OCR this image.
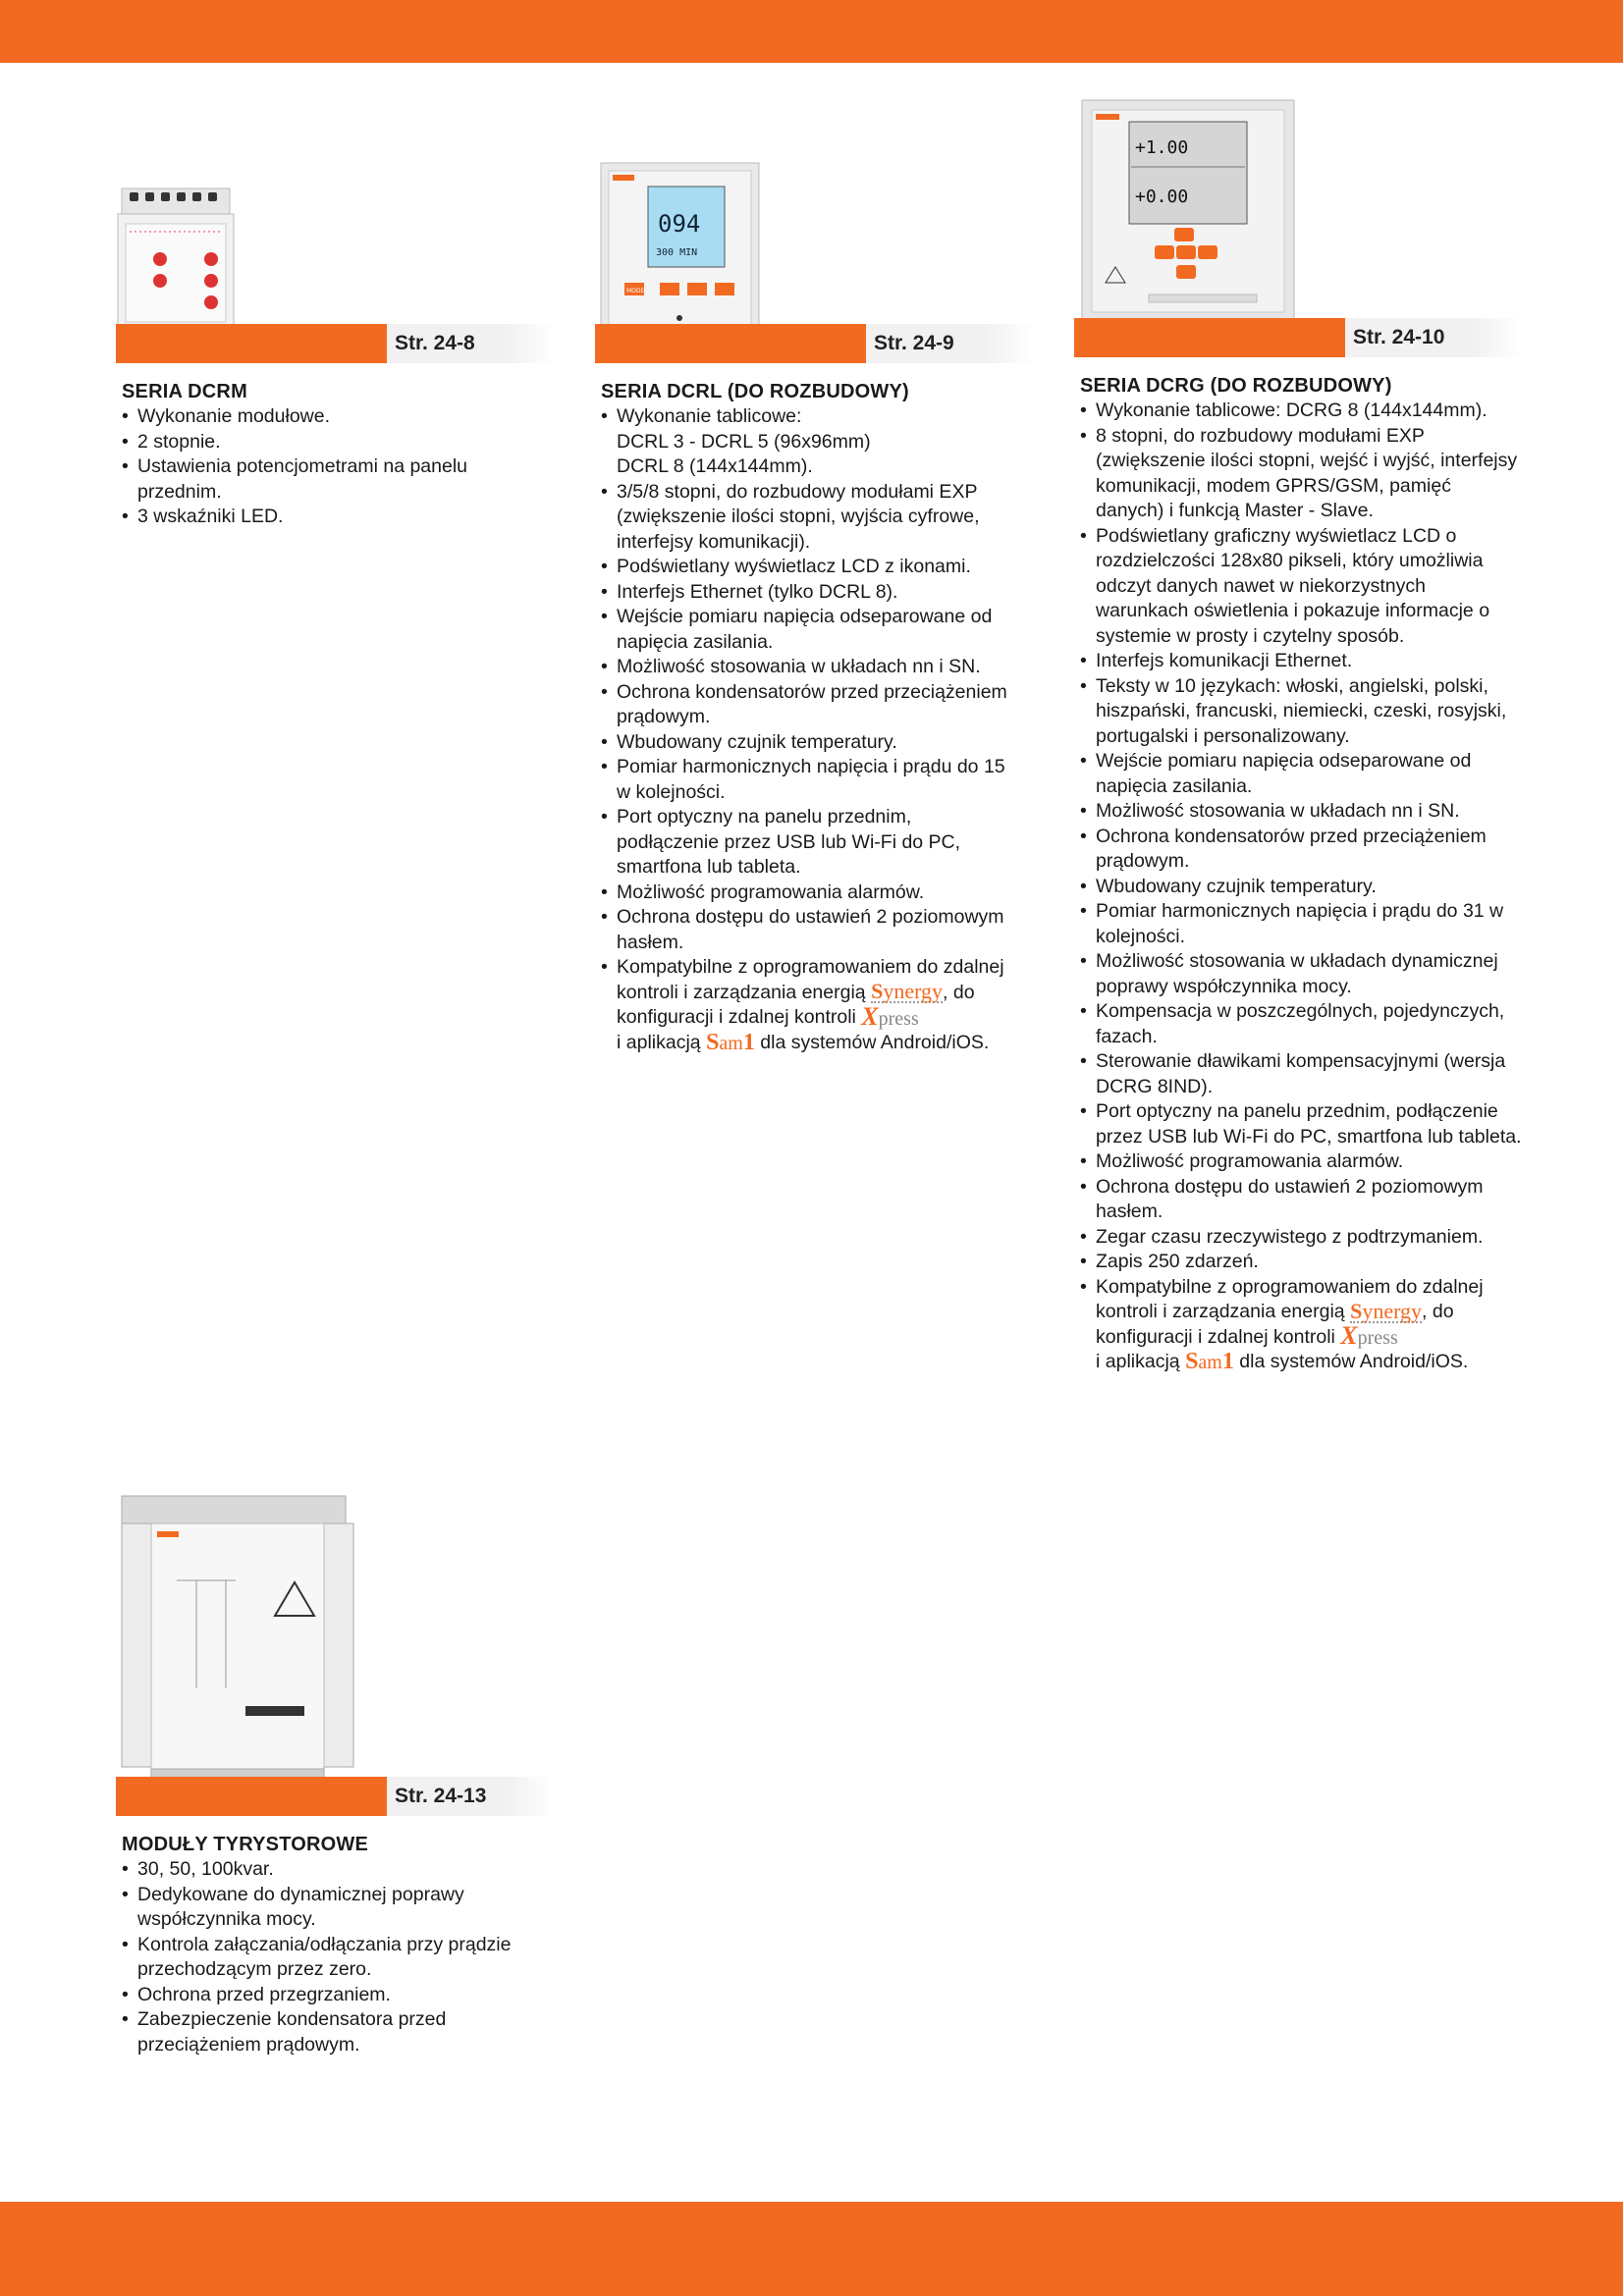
094
300 MIN
MODE
+1.00
+0.00
Str. 24-8	Str. 24-9	Str. 24-10
Str. 24-13
SERIA DCRM
• Wykonanie modułowe.
• 2 stopnie.
• Ustawienia potencjometrami na panelu przednim.
• 3 wskaźniki LED.
SERIA DCRL (DO ROZBUDOWY)
• Wykonanie tablicowe:
DCRL 3 - DCRL 5 (96x96mm)
DCRL 8 (144x144mm).
• 3/5/8 stopni, do rozbudowy modułami EXP (zwiększenie ilości stopni, wyjścia cyfrowe, interfejsy komunikacji).
• Podświetlany wyświetlacz LCD z ikonami.
• Interfejs Ethernet (tylko DCRL 8).
• Wejście pomiaru napięcia odseparowane od napięcia zasilania.
• Możliwość stosowania w układach nn i SN.
• Ochrona kondensatorów przed przeciążeniem prądowym.
• Wbudowany czujnik temperatury.
• Pomiar harmonicznych napięcia i prądu do 15 w kolejności.
• Port optyczny na panelu przednim, podłączenie przez USB lub Wi-Fi do PC, smartfona lub tableta.
• Możliwość programowania alarmów.
• Ochrona dostępu do ustawień 2 poziomowym hasłem.
• Kompatybilne z oprogramowaniem do zdalnej kontroli i zarządzania energią Synergy, do konfiguracji i zdalnej kontroli Xpress
i aplikacją Sam1 dla systemów Android/iOS.
SERIA DCRG (DO ROZBUDOWY)
• Wykonanie tablicowe: DCRG 8 (144x144mm).
• 8 stopni, do rozbudowy modułami EXP (zwiększenie ilości stopni, wejść i wyjść, interfejsy komunikacji, modem GPRS/GSM, pamięć danych) i funkcją Master - Slave.
• Podświetlany graficzny wyświetlacz LCD o rozdzielczości 128x80 pikseli, który umożliwia odczyt danych nawet w niekorzystnych warunkach oświetlenia i pokazuje informacje o systemie w prosty i czytelny sposób.
• Interfejs komunikacji Ethernet.
• Teksty w 10 językach: włoski, angielski, polski, hiszpański, francuski, niemiecki, czeski, rosyjski, portugalski i personalizowany.
• Wejście pomiaru napięcia odseparowane od napięcia zasilania.
• Możliwość stosowania w układach nn i SN.
• Ochrona kondensatorów przed przeciążeniem prądowym.
• Wbudowany czujnik temperatury.
• Pomiar harmonicznych napięcia i prądu do 31 w kolejności.
• Możliwość stosowania w układach dynamicznej poprawy współczynnika mocy.
• Kompensacja w poszczególnych, pojedynczych, fazach.
• Sterowanie dławikami kompensacyjnymi (wersja DCRG 8IND).
• Port optyczny na panelu przednim, podłączenie przez USB lub Wi-Fi do PC, smartfona lub tableta.
• Możliwość programowania alarmów.
• Ochrona dostępu do ustawień 2 poziomowym hasłem.
• Zegar czasu rzeczywistego z podtrzymaniem.
• Zapis 250 zdarzeń.
• Kompatybilne z oprogramowaniem do zdalnej kontroli i zarządzania energią Synergy, do konfiguracji i zdalnej kontroli Xpress
i aplikacją Sam1 dla systemów Android/iOS.
MODUŁY TYRYSTOROWE
• 30, 50, 100kvar.
• Dedykowane do dynamicznej poprawy współczynnika mocy.
• Kontrola załączania/odłączania przy prądzie przechodzącym przez zero.
• Ochrona przed przegrzaniem.
• Zabezpieczenie kondensatora przed przeciążeniem prądowym.
